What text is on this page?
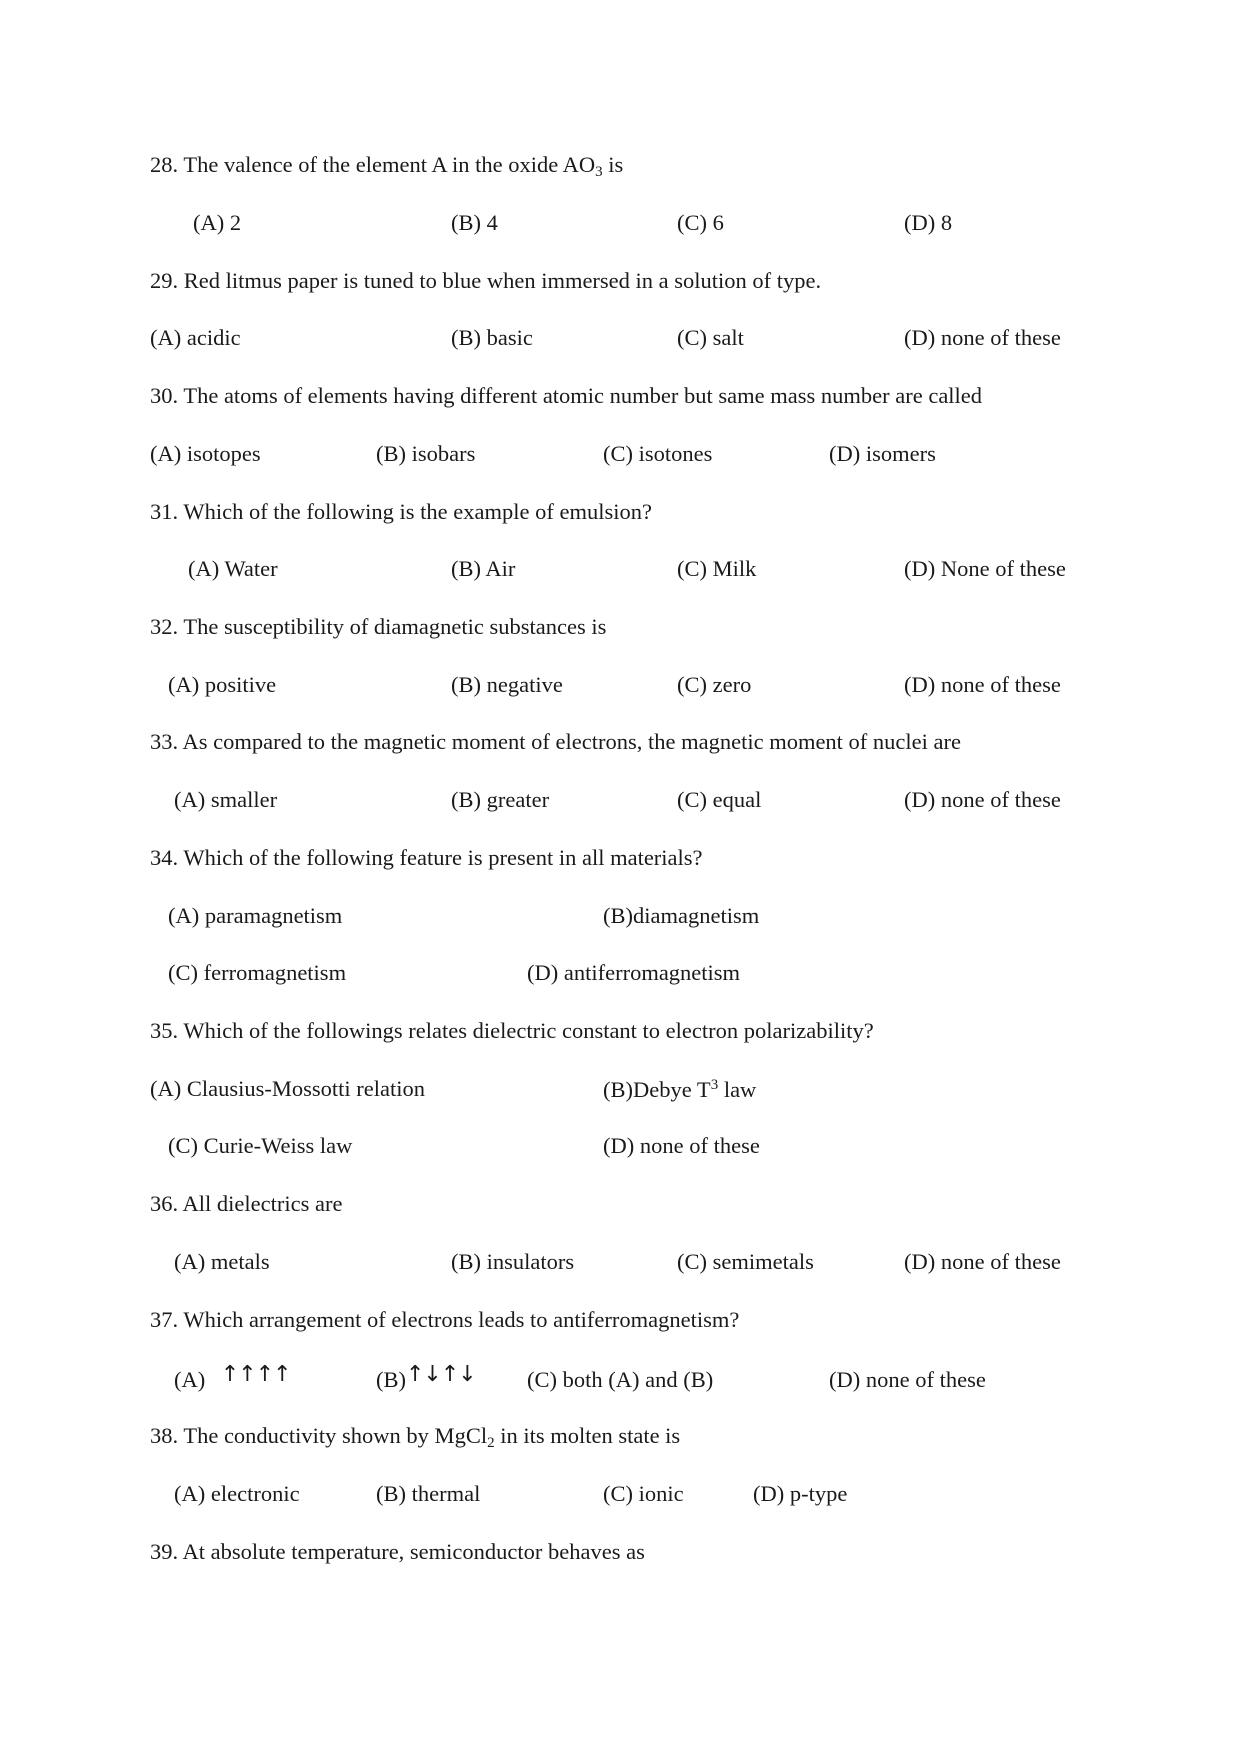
28. The valence of the element A in the oxide $AO_3$ is
(A) 2	(B) 4	(C) 6	(D) 8
29. Red litmus paper is tuned to blue when immersed in a solution of type.
(A) acidic	(B) basic	(C) salt	(D) none of these
30. The atoms of elements having different atomic number but same mass number are called
(A) isotopes	(B) isobars	(C) isotones	(D) isomers
31. Which of the following is the example of emulsion?
(A) Water	(B) Air	(C) Milk	(D) None of these
32. The susceptibility of diamagnetic substances is
(A) positive	(B) negative	(C) zero	(D) none of these
33. As compared to the magnetic moment of electrons, the magnetic moment of nuclei are
(A) smaller	(B) greater	(C) equal	(D) none of these
34. Which of the following feature is present in all materials?
(A) paramagnetism	(B)diamagnetism
(C) ferromagnetism	(D) antiferromagnetism
35. Which of the followings relates dielectric constant to electron polarizability?
(A) Clausius-Mossotti relation	(B)Debye $T^3$ law
(C) Curie-Weiss law	(D) none of these
36. All dielectrics are
(A) metals	(B) insulators	(C) semimetals	(D) none of these
37. Which arrangement of electrons leads to antiferromagnetism?
(A) ↑↑↑↑	(B)↑↓↑↓ (C) both (A) and (B)	(D) none of these
38. The conductivity shown by MgCl$_2$ in its molten state is
(A) electronic	(B) thermal	(C) ionic	(D) p-type
39. At absolute temperature, semiconductor behaves as
